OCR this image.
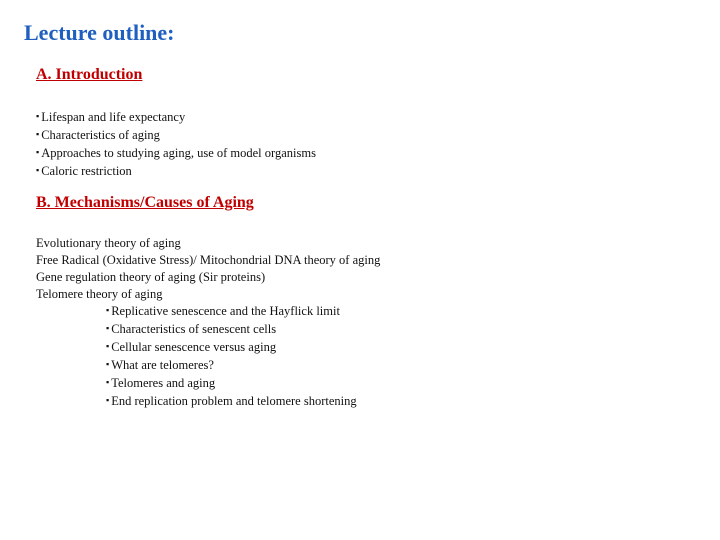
Lecture outline:
A. Introduction
▪ Lifespan and life expectancy
▪ Characteristics of aging
▪ Approaches to studying aging, use of model organisms
▪ Caloric restriction
B. Mechanisms/Causes of Aging
Evolutionary theory of aging
Free Radical (Oxidative Stress)/ Mitochondrial DNA theory of aging
Gene regulation theory of aging (Sir proteins)
Telomere theory of aging
▪ Replicative senescence and the Hayflick limit
▪ Characteristics of senescent cells
▪ Cellular senescence versus aging
▪ What are telomeres?
▪ Telomeres and aging
▪ End replication problem and telomere shortening
